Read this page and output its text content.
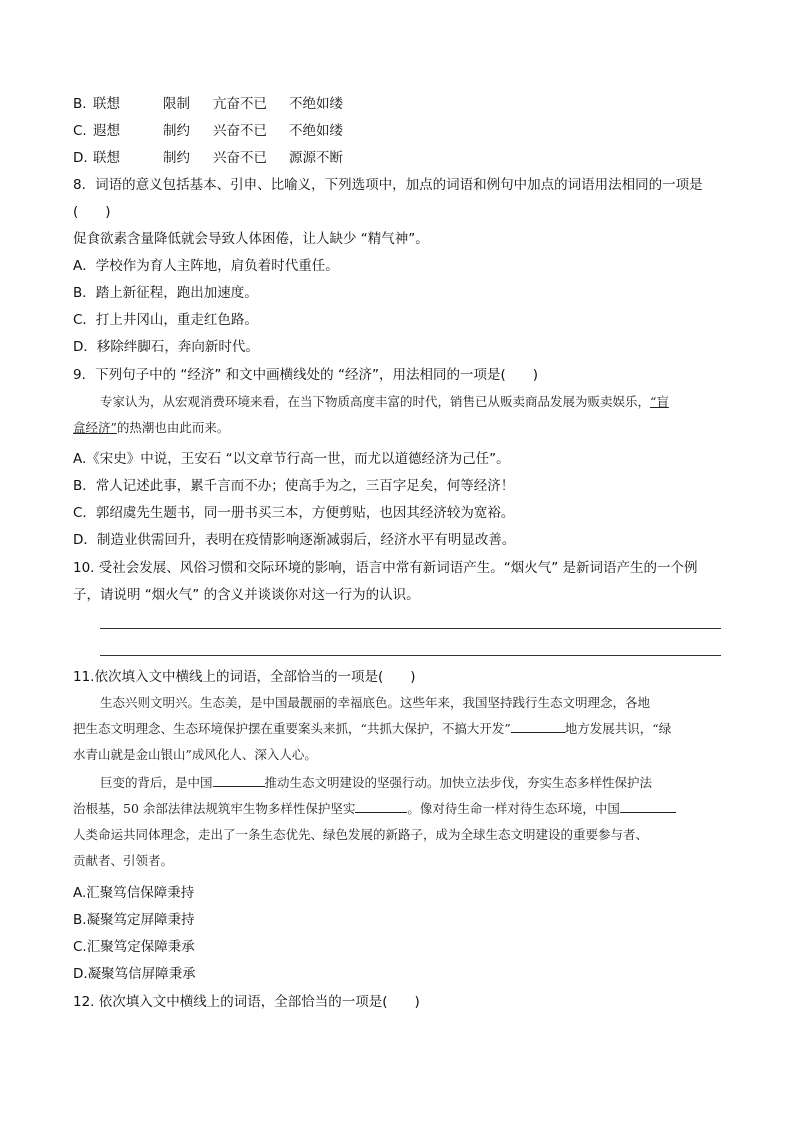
B. 联想	限制 亢奋不已 不绝如缕
C. 遐想	制约 兴奋不已 不绝如缕
D. 联想	制约 兴奋不已 源源不断
8．词语的意义包括基本、引申、比喻义，下列选项中，加点的词语和例句中加点的词语用法相同的一项是
(　　)
促食欲素含量降低就会导致人体困倦，让人缺少 “精气神”。
A．学校作为育人主阵地，肩负着时代重任。
B．踏上新征程，跑出加速度。
C．打上井冈山，重走红色路。
D．移除绊脚石，奔向新时代。
9．下列句子中的 “经济” 和文中画横线处的 “经济”，用法相同的一项是(　　)
专家认为，从宏观消费环境来看，在当下物质高度丰富的时代，销售已从贩卖商品发展为贩卖娱乐，“盲
盒经济”的热潮也由此而来。
A.《宋史》中说，王安石 “以文章节行高一世，而尤以道德经济为己任”。
B．常人记述此事，累千言而不办；使高手为之，三百字足矣，何等经济！
C．郭绍虞先生题书，同一册书买三本，方便剪贴，也因其经济较为宽裕。
D．制造业供需回升，表明在疫情影响逐渐减弱后，经济水平有明显改善。
10. 受社会发展、风俗习惯和交际环境的影响，语言中常有新词语产生。“烟火气” 是新词语产生的一个例
子，请说明 “烟火气” 的含义并谈谈你对这一行为的认识。
11.依次填入文中横线上的词语，全部恰当的一项是(　　)
生态兴则文明兴。生态美，是中国最靓丽的幸福底色。这些年来，我国坚持践行生态文明理念，各地
把生态文明理念、生态环境保护摆在重要案头来抓，“共抓大保护，不搞大开发”	地方发展共识，“绿
水青山就是金山银山”成风化人、深入人心。
巨变的背后，是中国	推动生态文明建设的坚强行动。加快立法步伐，夯实生态多样性保护法
治根基，50 余部法律法规筑牢生物多样性保护坚实	。像对待生命一样对待生态环境，中国
人类命运共同体理念，走出了一条生态优先、绿色发展的新路子，成为全球生态文明建设的重要参与者、
贡献者、引领者。
A.汇聚笃信保障秉持
B.凝聚笃定屏障秉持
C.汇聚笃定保障秉承
D.凝聚笃信屏障秉承
12. 依次填入文中横线上的词语，全部恰当的一项是(　　)
